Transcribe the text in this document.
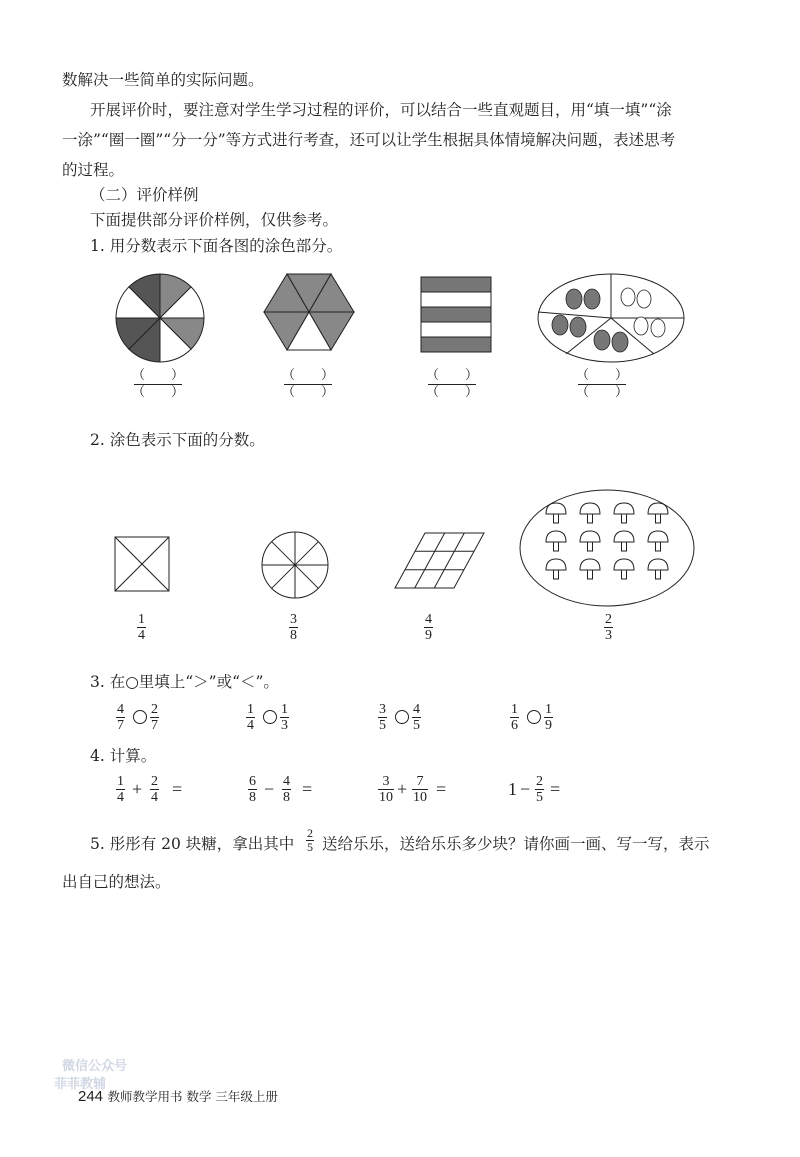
数解决一些简单的实际问题。
开展评价时，要注意对学生学习过程的评价，可以结合一些直观题目，用“填一填”“涂
一涂”“圈一圈”“分一分”等方式进行考查，还可以让学生根据具体情境解决问题，表述思考
的过程。
（二）评价样例
下面提供部分评价样例，仅供参考。
1. 用分数表示下面各图的涂色部分。
（　　）
（　　）
（　　）
（　　）
（　　）
（　　）
（　　）
（　　）
2. 涂色表示下面的分数。
1
4
3
8
4
9
2
3
3. 在○里填上“＞”或“＜”。
4
7
2
7
1
4
1
3
3
5
4
5
1
6
1
9
4. 计算。
1
4 + 2
4 =	6
8 − 4
8 =	3
10 + 7
10 =	1 − 2
5 =
5. 彤彤有 20 块糖，拿出其中
2
5 送给乐乐，送给乐乐多少块？请你画一画、写一写，表示
出自己的想法。
微信公众号
菲菲教辅
244 教师教学用书 数学 三年级上册
